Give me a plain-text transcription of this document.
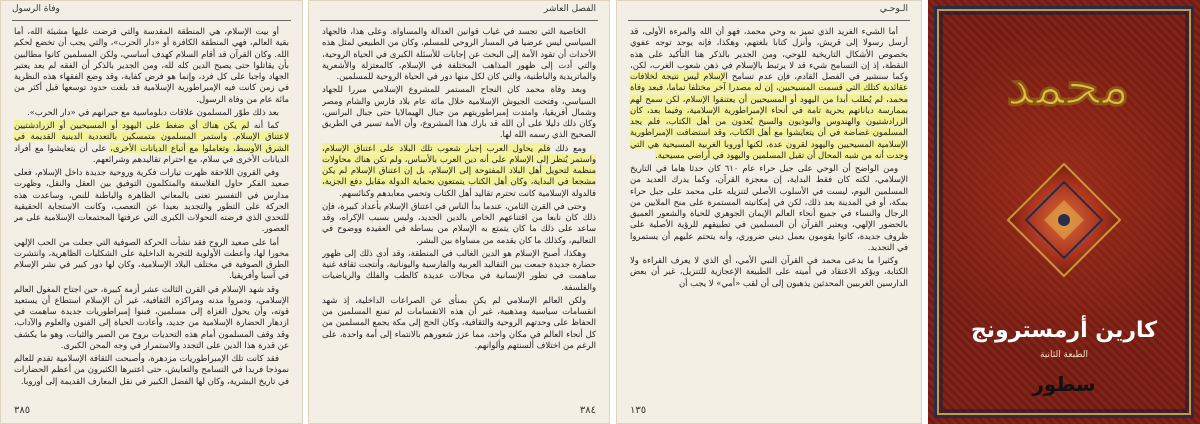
وفاة الرسول

أو بيت الإسلام، هي المنطقة المقدسة والتي فرضت عليها مشيئة الله، أما بقية العالم، فهي المنطقة الكافرة أو «دار الحرب»، والتي يجب أن تخضع لحكم الله. وكان القرآن قد أقام السلام كهدف أساسي، ولكن المسلمين كانوا مطالبين بأن يقاتلوا حتى يصبح الدين كله لله، ومن الجدير بالذكر أن الفقه لم يعد يعتبر الجهاد واجبا على كل فرد، وإنما هو فرض كفاية، وقد وضع الفقهاء هذه النظرية في زمن كانت فيه الإمبراطورية الإسلامية قد بلغت حدود توسعها قبل أكثر من مائة عام من وفاة الرسول.

بعد ذلك طوّر المسلمون علاقات دبلوماسية مع جيرانهم في «دار الحرب».

كما أنه لم يكن هناك أي ضغط على اليهود أو المسيحيين أو الزرادشتيين لاعتناق الإسلام. واستمر المسلمون متمسكين بالتعددية الدينية القديمة في الشرق الأوسط، وتعاملوا مع أتباع الديانات الأخرى، على أن يتعايشوا مع أفراد الديانات الأخرى في سلام، مع احترام تقاليدهم وشرائعهم.

وفي القرون اللاحقة ظهرت تيارات فكرية وروحية جديدة داخل الإسلام، فعلى صعيد الفكر حاول الفلاسفة والمتكلمون التوفيق بين العقل والنقل، وظهرت مدارس في التفسير تعنى بالمعاني الظاهرة والباطنة للنص، وساعدت هذه الحركة على التطور والتجديد بعيدا عن التعصب، وكانت الاستجابة الحقيقية للتحدي الذي فرضته التحولات الكبرى التي عرفتها المجتمعات الإسلامية على مر العصور.

أما على صعيد الروح فقد نشأت الحركة الصوفية التي جعلت من الحب الإلهي محورا لها، وأعطت الأولوية للتجربة الداخلية على الشكليات الظاهرية، وانتشرت الطرق الصوفية في مختلف البلاد الإسلامية، وكان لها دور كبير في نشر الإسلام في آسيا وأفريقيا.

وقد شهد الإسلام في القرن الثالث عشر أزمة كبيرة، حين اجتاح المغول العالم الإسلامي، ودمروا مدنه ومراكزه الثقافية، غير أن الإسلام استطاع أن يستعيد قوته، وأن يحول الغزاة إلى مسلمين، فبنوا إمبراطوريات جديدة ساهمت في ازدهار الحضارة الإسلامية من جديد، وأعادت الحياة إلى الفنون والعلوم والآداب، وقد وقف المسلمون أمام هذه التحديات بروح من الصبر والثبات، وهو ما يكشف عن قدرة هذا الدين على التجدد والاستمرار في وجه المحن الكبرى.

فقد كانت تلك الإمبراطوريات مزدهرة، وأصبحت الثقافة الإسلامية تقدم للعالم نموذجا فريدا في التسامح والتعايش، حتى اعتبرها الكثيرون من أعظم الحضارات في تاريخ البشرية، وكان لها الفضل الكبير في نقل المعارف القديمة إلى أوروبا.

٣٨٥
الفصل العاشر

الخاصية التي تجسد في غياب قوانين العدالة والمساواة. وعلى هذا، فالجهاد السياسي ليس عرضيا في المسار الروحي للمسلم، وكان من الطبيعي لمثل هذه الأحداث أن تقود الأمة إلى البحث عن إجابات للأسئلة الكبرى في الحياة الروحية، والتي أدت إلى ظهور المذاهب المختلفة في الإسلام، كالمعتزلة والأشعرية والماتريدية والباطنية، والتي كان لكل منها دور في الحياة الروحية للمسلمين.

وبعد وفاة محمد كان النجاح المستمر للمشروع الإسلامي مبررا للجهاد السياسي، وفتحت الجيوش الإسلامية خلال مائة عام بلاد فارس والشام ومصر وشمال أفريقيا، وامتدت إمبراطوريتهم من جبال الهيمالايا حتى جبال البرانس، وكان ذلك دليلا على أن الله قد بارك هذا المشروع، وأن الأمة تسير في الطريق الصحيح الذي رسمه الله لها.

ومع ذلك فلم يحاول العرب إجبار شعوب تلك البلاد على اعتناق الإسلام، واستمر يُنظر إلى الإسلام على أنه دين العرب بالأساس، ولم تكن هناك محاولات منظمة لتحويل أهل البلاد المفتوحة إلى الإسلام، بل إن اعتناق الإسلام لم يكن مشجعا في البداية، وكان أهل الكتاب يتمتعون بحماية الدولة مقابل دفع الجزية، فالدولة الإسلامية كانت تحترم تقاليد أهل الكتاب وتحمي معابدهم وكنائسهم.

وحتى في القرن الثامن، عندما بدأ الناس في اعتناق الإسلام بأعداد كبيرة، فإن ذلك كان نابعا من اقتناعهم الخاص بالدين الجديد، وليس بسبب الإكراه، وقد ساعد على ذلك ما كان يتمتع به الإسلام من بساطة في العقيدة ووضوح في التعاليم، وكذلك ما كان يقدمه من مساواة بين البشر.

وهكذا، أصبح الإسلام هو الدين الغالب في المنطقة، وقد أدى ذلك إلى ظهور حضارة جديدة جمعت بين التقاليد العربية والفارسية واليونانية، وأنتجت ثقافة غنية ساهمت في تطور الإنسانية في مجالات عديدة كالطب والفلك والرياضيات والفلسفة.

ولكن العالم الإسلامي لم يكن بمنأى عن الصراعات الداخلية، إذ شهد انقسامات سياسية ومذهبية، غير أن هذه الانقسامات لم تمنع المسلمين من الحفاظ على وحدتهم الروحية والثقافية، وكان الحج إلى مكة يجمع المسلمين من كل أنحاء العالم في مكان واحد، مما عزز شعورهم بالانتماء إلى أمة واحدة، على الرغم من اختلاف ألسنتهم وألوانهم.

٣٨٤
الـوحـي

أما الشيء الفريد الذي تميز به وحي محمد، فهو أن الله والمرءة الأولى، قد أرسل رسولا إلى قريش، وأنزل كتابا بلغتهم، وهكذا، فإنه يوجد توجه عفوي بخصوص الأشكال التاريخية للوحي، ومن الجدير بالذكر هنا التأكيد على هذه النقطة، إذ إن التسامح شيء قد لا يرتبط بالإسلام في ذهن شعوب الغرب، لكن، وكما سنشير في الفصل القادم، فإن عدم تسامح الإسلام ليس نتيجة لخلافات عقائدية كتلك التي قسمت المسيحيين، إن له مصدرا آخر مختلفا تماما، فبعد وفاة محمد، لم يُطلب أبدا من اليهود أو المسيحيين أن يعتنقوا الإسلام، لكن سمح لهم بممارسة دياناتهم بحرية تامة في أنحاء الإمبراطورية الإسلامية، وفيما بعد، كان الزرادشتيون والهندوس والبوذيون والسيخ يُعدون من أهل الكتاب، فلم يجد المسلمون غضاضة في أن يتعايشوا مع أهل الكتاب، وقد استضافت الإمبراطورية الإسلامية المسيحيين واليهود لقرون عدة، لكنها أوروبا الغربية المسيحية هي التي وجدت أنه من شبه المحال أن تقبل المسلمين واليهود في أراضي مسيحية.

ومن الواضح أن الوحي على جبل حراء عام ٦١٠ كان حدثا هاما في التاريخ الإسلامي، لكنه كان فقط البداية، إن معجزة القرآن، وكما يدرك العديد من المسلمين اليوم، ليست في الأسلوب الأصلي لتنزيله على محمد على جبل حراء بمكة، أو في المدينة بعد ذلك، لكن في إمكانيته المستمرة على منح الملايين من الرجال والنساء في جميع أنحاء العالم الإيمان الجوهري للحياة والشعور العميق بالحضور الإلهي، ويعتبر القرآن أن المسلمين في تطبيقهم للرؤية الأصلية على ظروف جديدة، كانوا يقومون بعمل ديني ضروري، وأنه يتحتم عليهم أن يستمروا في التجديد.

وكثيرا ما يدعى محمد في القرآن النبي الأمي، أي الذي لا يعرف القراءة ولا الكتابة، ويؤكد الاعتقاد في أميته على الطبيعة الإعجازية للتنزيل، غير أن بعض الدارسين الغربيين المحدثين يذهبون إلى أن لقب «أمي» لا يجب أن

١٣٥
محمد
كارين أرمسترونج
الطبعة الثانية
سطور
